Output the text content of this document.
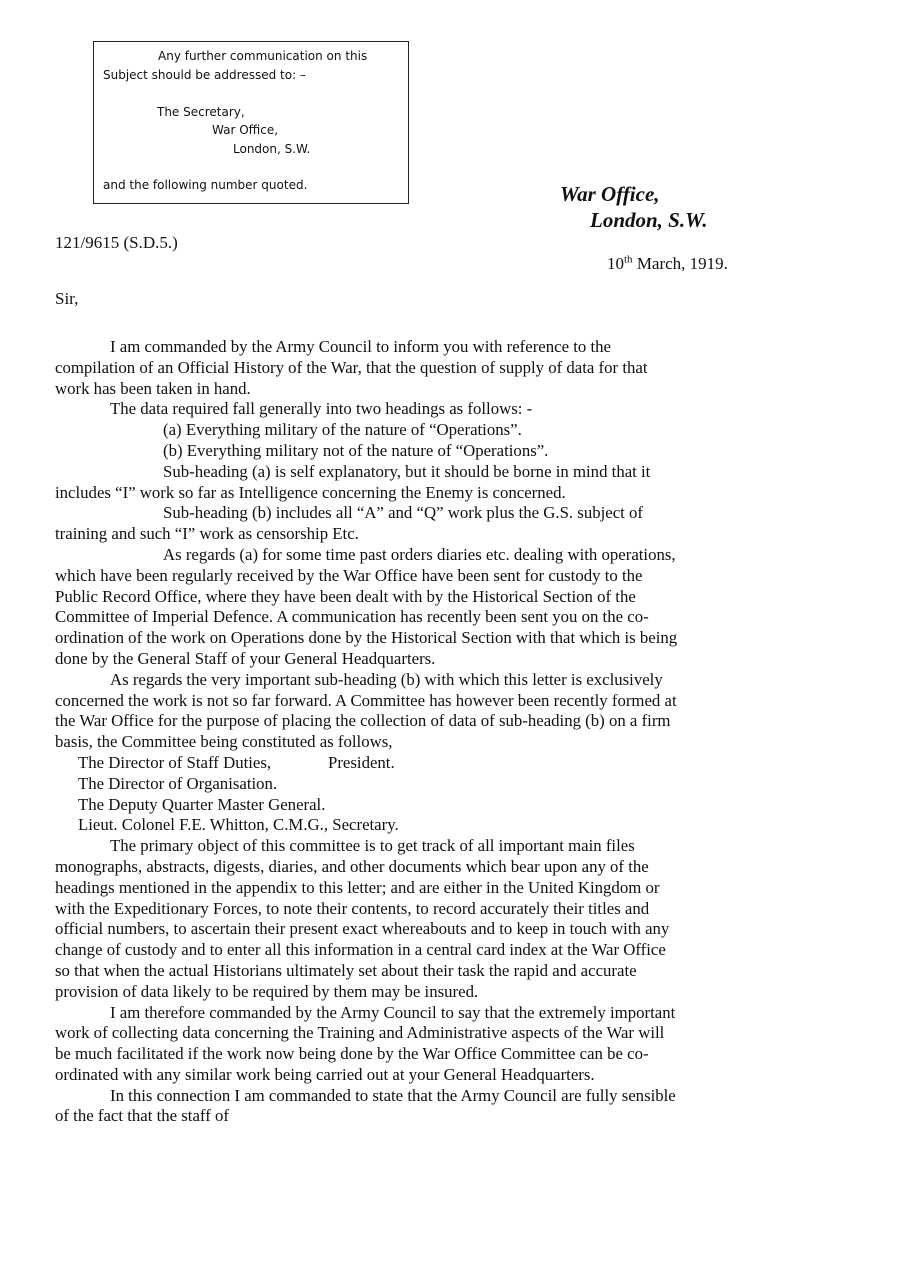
Any further communication on this
Subject should be addressed to: –
The Secretary,
War Office,
London, S.W.
and the following number quoted.	War Office,
London, S.W.
121/9615 (S.D.5.)
10th March, 1919.
Sir,
I am commanded by the Army Council to inform you with reference to the
compilation of an Official History of the War, that the question of supply of data for that
work has been taken in hand.
The data required fall generally into two headings as follows: -
(a) Everything military of the nature of “Operations”.
(b) Everything military not of the nature of “Operations”.
Sub-heading (a) is self explanatory, but it should be borne in mind that it
includes “I” work so far as Intelligence concerning the Enemy is concerned.
Sub-heading (b) includes all “A” and “Q” work plus the G.S. subject of
training and such “I” work as censorship Etc.
As regards (a) for some time past orders diaries etc. dealing with operations,
which have been regularly received by the War Office have been sent for custody to the
Public Record Office, where they have been dealt with by the Historical Section of the
Committee of Imperial Defence. A communication has recently been sent you on the co-
ordination of the work on Operations done by the Historical Section with that which is being
done by the General Staff of your General Headquarters.
As regards the very important sub-heading (b) with which this letter is exclusively
concerned the work is not so far forward. A Committee has however been recently formed at
the War Office for the purpose of placing the collection of data of sub-heading (b) on a firm
basis, the Committee being constituted as follows,
The Director of Staff Duties,	President.
The Director of Organisation.
The Deputy Quarter Master General.
Lieut. Colonel F.E. Whitton, C.M.G., Secretary.
The primary object of this committee is to get track of all important main files
monographs, abstracts, digests, diaries, and other documents which bear upon any of the
headings mentioned in the appendix to this letter; and are either in the United Kingdom or
with the Expeditionary Forces, to note their contents, to record accurately their titles and
official numbers, to ascertain their present exact whereabouts and to keep in touch with any
change of custody and to enter all this information in a central card index at the War Office
so that when the actual Historians ultimately set about their task the rapid and accurate
provision of data likely to be required by them may be insured.
I am therefore commanded by the Army Council to say that the extremely important
work of collecting data concerning the Training and Administrative aspects of the War will
be much facilitated if the work now being done by the War Office Committee can be co-
ordinated with any similar work being carried out at your General Headquarters.
In this connection I am commanded to state that the Army Council are fully sensible
of the fact that the staff of
